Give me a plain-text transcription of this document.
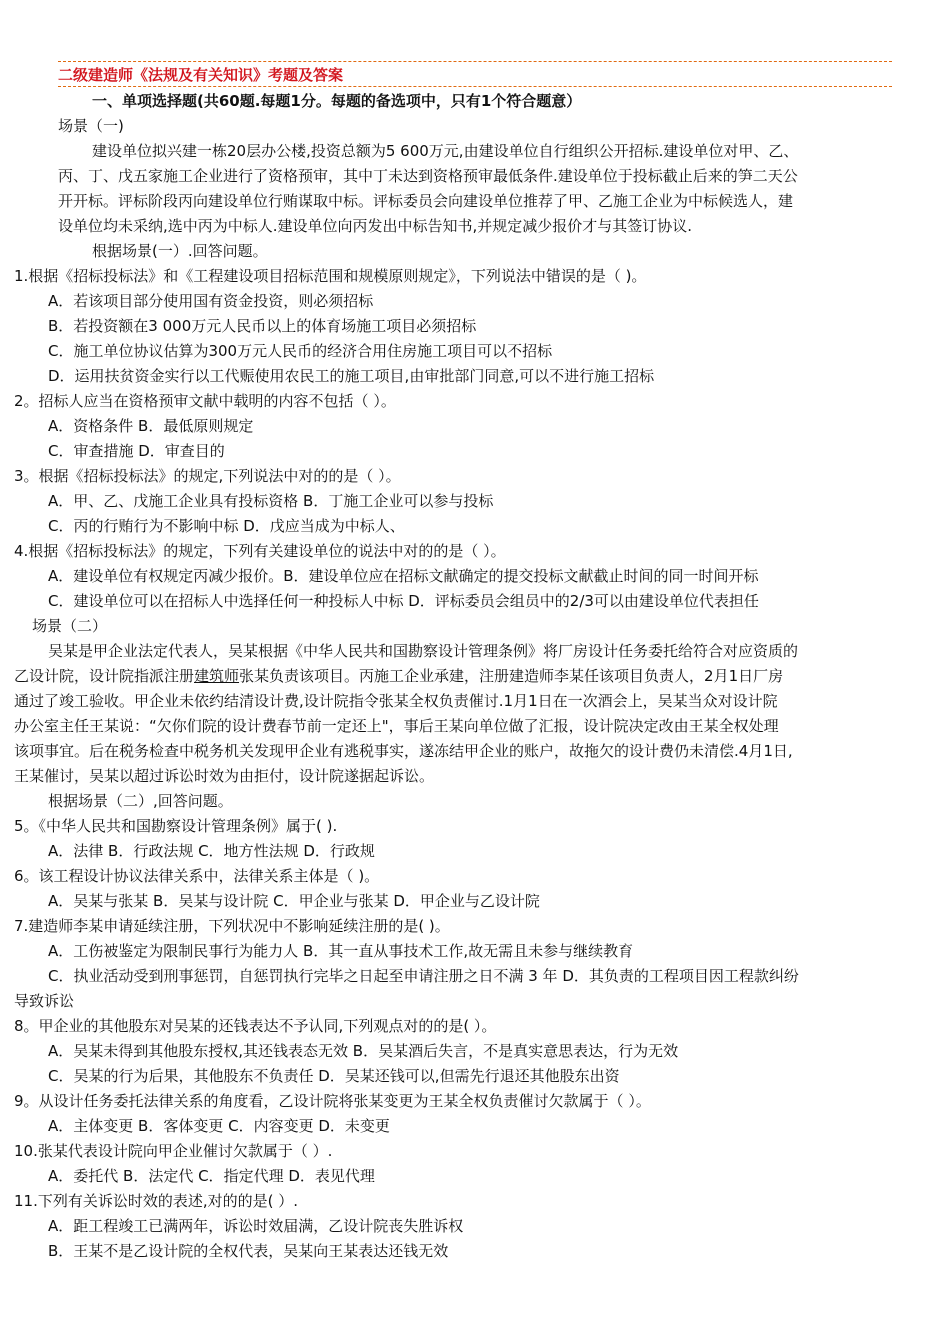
二级建造师《法规及有关知识》考题及答案
一、单项选择题(共60题.每题1分。每题的备选项中，只有1个符合题意）
场景（一)
建设单位拟兴建一栋20层办公楼,投资总额为5 600万元,由建设单位自行组织公开招标.建设单位对甲、乙、
丙、丁、戊五家施工企业进行了资格预审，其中丁未达到资格预审最低条件.建设单位于投标截止后来的笋二天公
开开标。评标阶段丙向建设单位行贿谋取中标。评标委员会向建设单位推荐了甲、乙施工企业为中标候选人，建
设单位均未采纳,选中丙为中标人.建设单位向丙发出中标告知书,并规定减少报价才与其签订协议.
根据场景(一）.回答问题。
1.根据《招标投标法》和《工程建设项目招标范围和规模原则规定》，下列说法中错误的是（ )。
A．若该项目部分使用国有资金投资，则必须招标
B．若投资额在3 000万元人民币以上的体育场施工项目必须招标
C．施工单位协议估算为300万元人民币的经济合用住房施工项目可以不招标
D．运用扶贫资金实行以工代赈使用农民工的施工项目,由审批部门同意,可以不进行施工招标
2。招标人应当在资格预审文献中载明的内容不包括（ ）。
A．资格条件 B．最低原则规定
C．审查措施 D．审查目的
3。根据《招标投标法》的规定,下列说法中对的的是（ ）。
A．甲、乙、戊施工企业具有投标资格 B．丁施工企业可以参与投标
C．丙的行贿行为不影响中标 D．戊应当成为中标人、
4.根据《招标投标法》的规定，下列有关建设单位的说法中对的的是（ ）。
A．建设单位有权规定丙减少报价。B．建设单位应在招标文献确定的提交投标文献截止时间的同一时间开标
C．建设单位可以在招标人中选择任何一种投标人中标 D．评标委员会组员中的2/3可以由建设单位代表担任
场景（二）
吴某是甲企业法定代表人，吴某根据《中华人民共和国勘察设计管理条例》将厂房设计任务委托给符合对应资质的
乙设计院，设计院指派注册建筑师张某负责该项目。丙施工企业承建，注册建造师李某任该项目负责人，2月1日厂房
通过了竣工验收。甲企业未依约结清设计费,设计院指令张某全权负责催讨.1月1日在一次酒会上，吴某当众对设计院
办公室主任王某说：“欠你们院的设计费春节前一定还上"，事后王某向单位做了汇报，设计院决定改由王某全权处理
该项事宜。后在税务检查中税务机关发现甲企业有逃税事实，遂冻结甲企业的账户，故拖欠的设计费仍未清偿.4月1日,
王某催讨，吴某以超过诉讼时效为由拒付，设计院遂据起诉讼。
根据场景（二）,回答问题。
5。《中华人民共和国勘察设计管理条例》属于( ).
A．法律 B．行政法规 C．地方性法规 D．行政规
6。该工程设计协议法律关系中，法律关系主体是（ )。
A．吴某与张某 B．吴某与设计院 C．甲企业与张某 D．甲企业与乙设计院
7.建造师李某申请延续注册，下列状况中不影响延续注册的是( )。
A．工伤被鉴定为限制民事行为能力人 B．其一直从事技术工作,故无需且未参与继续教育
C．执业活动受到刑事惩罚，自惩罚执行完毕之日起至申请注册之日不满 3 年 D．其负责的工程项目因工程款纠纷
导致诉讼
8。甲企业的其他股东对吴某的还钱表达不予认同,下列观点对的的是( ）。
A．吴某未得到其他股东授权,其还钱表态无效 B．吴某酒后失言，不是真实意思表达，行为无效
C．吴某的行为后果，其他股东不负责任 D．吴某还钱可以,但需先行退还其他股东出资
9。从设计任务委托法律关系的角度看，乙设计院将张某变更为王某全权负责催讨欠款属于（ ）。
A．主体变更 B．客体变更 C．内容变更 D．未变更
10.张某代表设计院向甲企业催讨欠款属于（ ）.
A．委托代 B．法定代 C．指定代理 D．表见代理
11.下列有关诉讼时效的表述,对的的是( ）.
A．距工程竣工已满两年，诉讼时效届满，乙设计院丧失胜诉权
B．王某不是乙设计院的全权代表，吴某向王某表达还钱无效
